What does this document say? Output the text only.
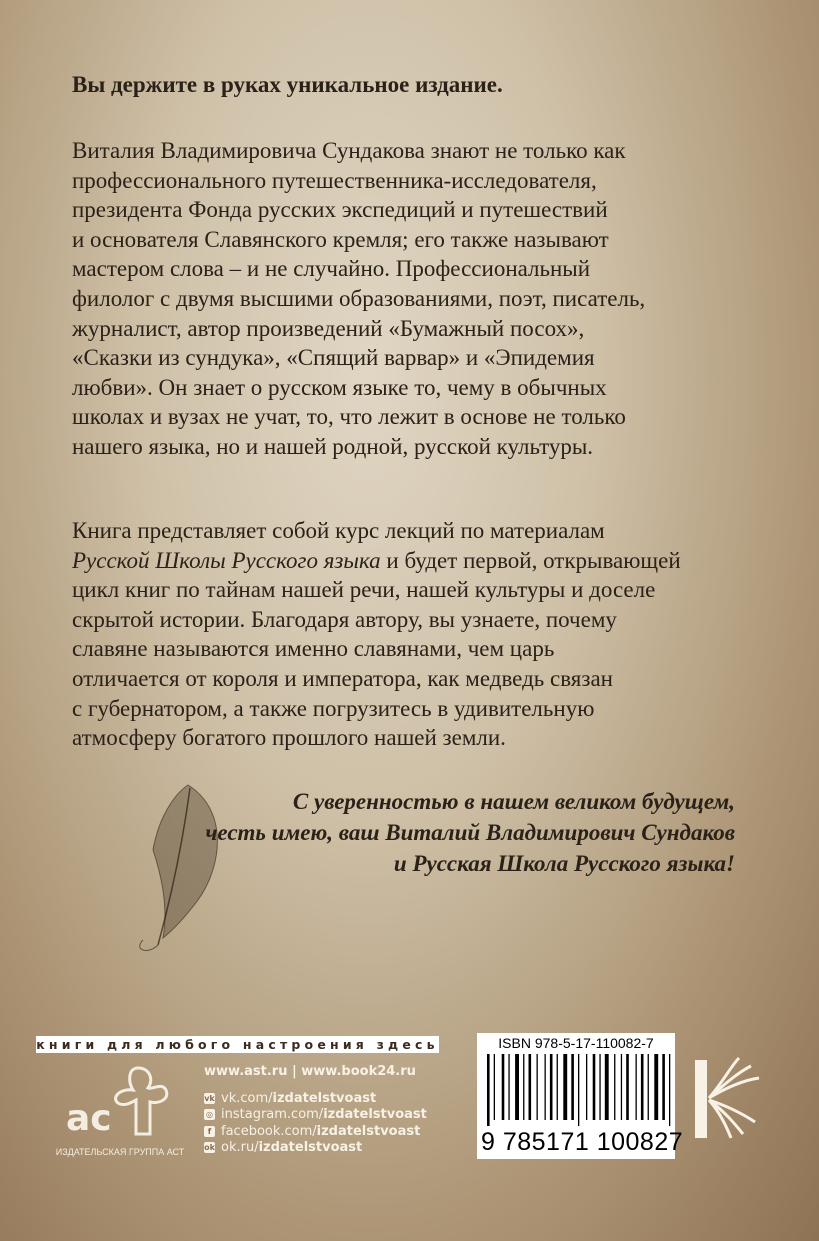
Вы держите в руках уникальное издание.
Виталия Владимировича Сундакова знают не только как
профессионального путешественника-исследователя,
президента Фонда русских экспедиций и путешествий
и основателя Славянского кремля; его также называют
мастером слова – и не случайно. Профессиональный
филолог с двумя высшими образованиями, поэт, писатель,
журналист, автор произведений «Бумажный посох»,
«Сказки из сундука», «Спящий варвар» и «Эпидемия
любви». Он знает о русском языке то, чему в обычных
школах и вузах не учат, то, что лежит в основе не только
нашего языка, но и нашей родной, русской культуры.
Книга представляет собой курс лекций по материалам
Русской Школы Русского языка и будет первой, открывающей
цикл книг по тайнам нашей речи, нашей культуры и доселе
скрытой истории. Благодаря автору, вы узнаете, почему
славяне называются именно славянами, чем царь
отличается от короля и императора, как медведь связан
с губернатором, а также погрузитесь в удивительную
атмосферу богатого прошлого нашей земли.
С уверенностью в нашем великом будущем,
честь имею, ваш Виталий Владимирович Сундаков
и Русская Школа Русского языка!
книги для любого настроения здесь
ac
ИЗДАТЕЛЬСКАЯ ГРУППА АСТ
www.ast.ru | www.book24.ru
vk vk.com/ izdatelstvoast
◎ instagram.com/ izdatelstvoast
f facebook.com/ izdatelstvoast
ok ok.ru/ izdatelstvoast
ISBN 978-5-17-110082-7
9 785171 100827
